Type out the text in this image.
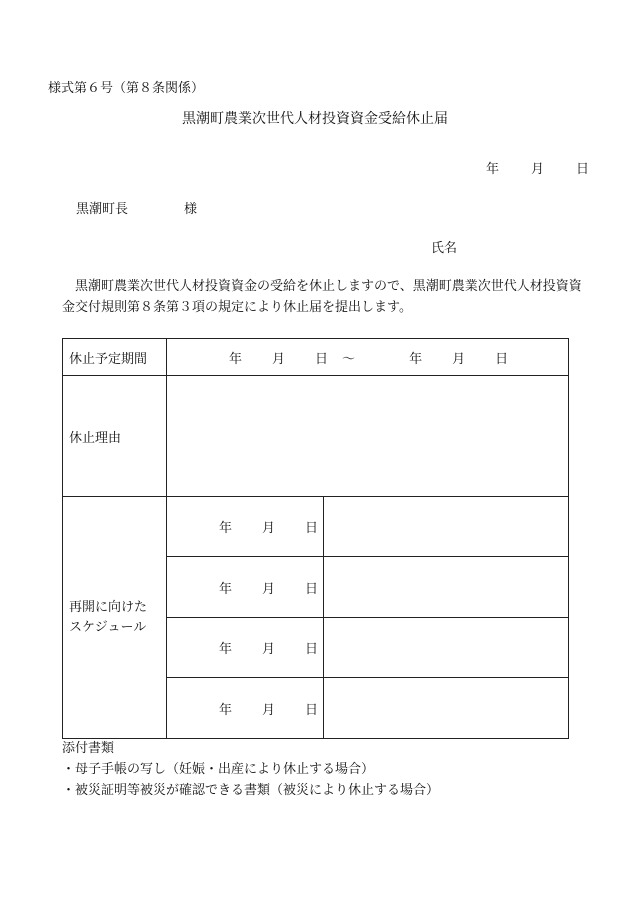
様式第６号（第８条関係）
黒潮町農業次世代人材投資資金受給休止届
年 月 日
黒潮町長	様
氏名
黒潮町農業次世代人材投資資金の受給を休止しますので、黒潮町農業次世代人材投資資金交付規則第８条第３項の規定により休止届を提出します。
休止予定期間	年 月 日 ～ 年 月 日	
休止理由		

再開に向けた
スケジュール	年 月 日	
	年 月 日	
	年 月 日	
	年 月 日	
添付書類
・母子手帳の写し（妊娠・出産により休止する場合）
・被災証明等被災が確認できる書類（被災により休止する場合）
